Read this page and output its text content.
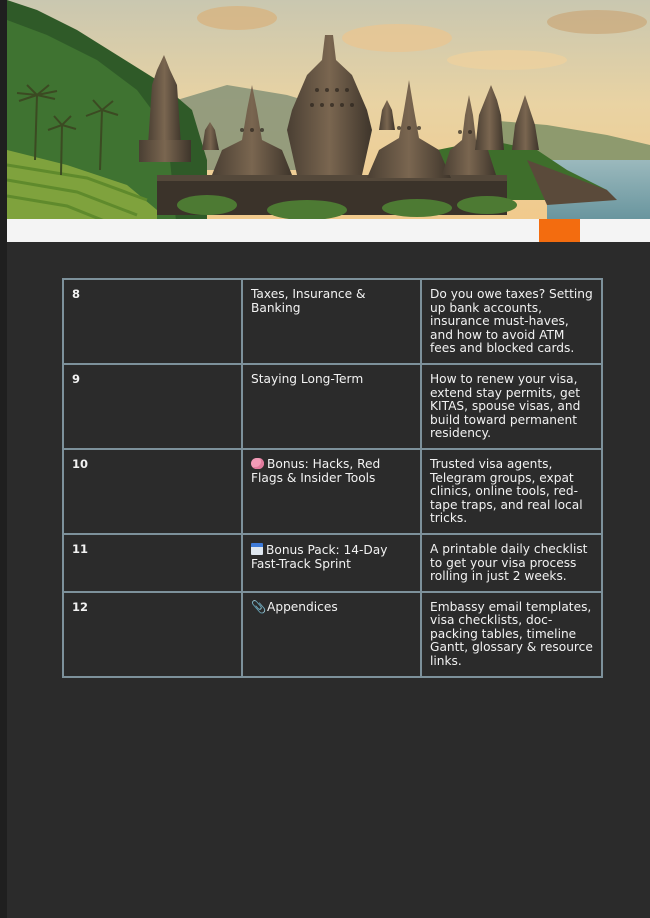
8	Taxes, Insurance & Banking	Do you owe taxes? Setting up bank accounts, insurance must-haves, and how to avoid ATM fees and blocked cards.
9	Staying Long-Term	How to renew your visa, extend stay permits, get KITAS, spouse visas, and build toward permanent residency.
10	Bonus: Hacks, Red Flags & Insider Tools	Trusted visa agents, Telegram groups, expat clinics, online tools, red-tape traps, and real local tricks.
11	Bonus Pack: 14-Day Fast-Track Sprint	A printable daily checklist to get your visa process rolling in just 2 weeks.
12	📎Appendices	Embassy email templates, visa checklists, doc-packing tables, timeline Gantt, glossary & resource links.
